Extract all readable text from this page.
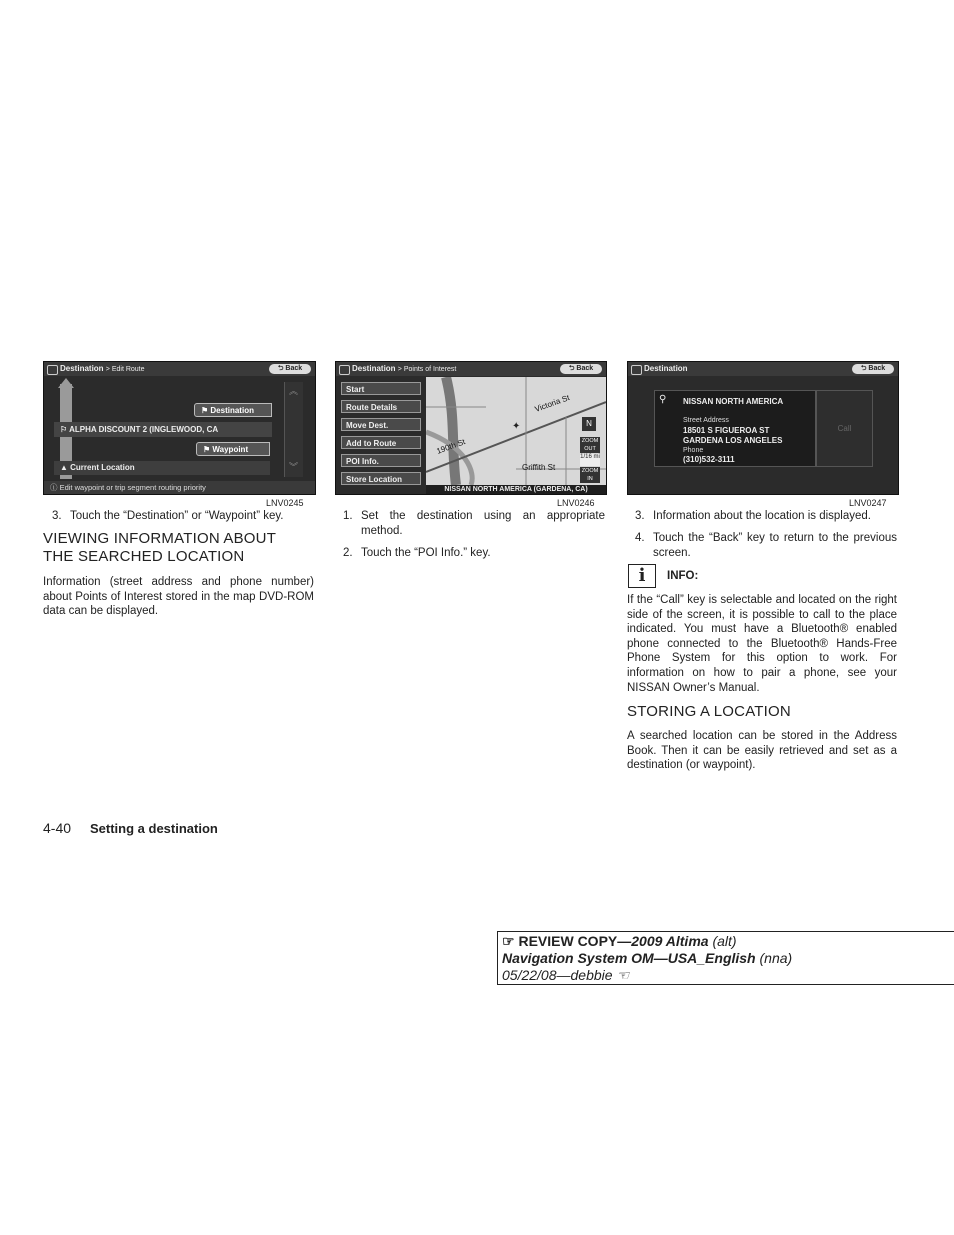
Destination > Edit Route	⮌ Back
⚑ Destination
⚐ ALPHA DISCOUNT 2 (INGLEWOOD, CA
⚑ Waypoint
▲ Current Location
︽
︾
ⓘ Edit waypoint or trip segment routing priority
LNV0245
Destination > Points of Interest	⮌ Back
Start
Route Details
Move Dest.
Add to Route
POI Info.
Store Location
Victoria St
190th St
Griffith St
✦	N
ZOOM OUT
1/16 mi
ZOOM IN
NISSAN NORTH AMERICA (GARDENA, CA)
LNV0246
Destination	⮌ Back
⚲ NISSAN NORTH AMERICA
Street Address
18501 S FIGUEROA ST
GARDENA LOS ANGELES
Phone
(310)532-3111
Call
LNV0247
3. Touch the “Destination” or “Waypoint” key.
VIEWING INFORMATION ABOUT
THE SEARCHED LOCATION
Information (street address and phone number) about Points of Interest stored in the map DVD-ROM data can be displayed.
1. Set the destination using an appropriate method.
2. Touch the “POI Info.” key.
3. Information about the location is displayed.
4. Touch the “Back” key to return to the previous screen.
i	INFO:
If the “Call” key is selectable and located on the right side of the screen, it is possible to call to the place indicated. You must have a Bluetooth® enabled phone connected to the Bluetooth® Hands-Free Phone System for this option to work. For information on how to pair a phone, see your NISSAN Owner’s Manual.
STORING A LOCATION
A searched location can be stored in the Address Book. Then it can be easily retrieved and set as a destination (or waypoint).
4-40 Setting a destination
☞ REVIEW COPY—2009 Altima (alt)
Navigation System OM—USA_English (nna)
05/22/08—debbie ☜
